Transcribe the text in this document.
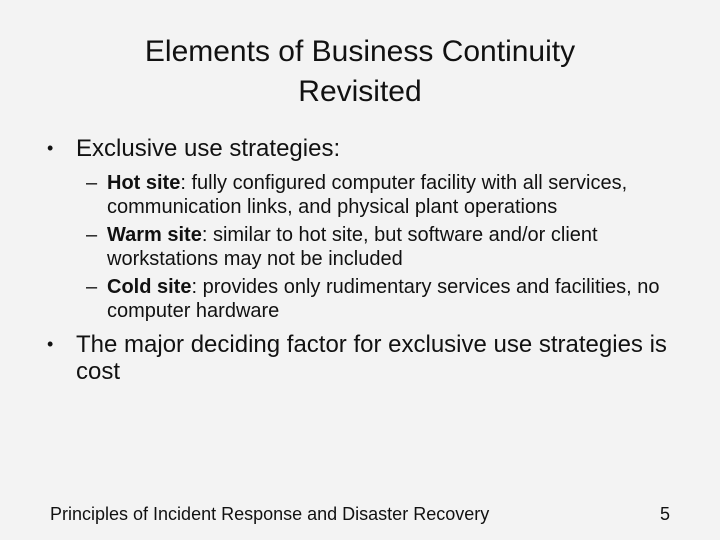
Elements of Business Continuity
Revisited
• Exclusive use strategies:
– Hot site: fully configured computer facility with all services, communication links, and physical plant operations
– Warm site: similar to hot site, but software and/or client workstations may not be included
– Cold site: provides only rudimentary services and facilities, no computer hardware
• The major deciding factor for exclusive use strategies is cost
Principles of Incident Response and Disaster Recovery	5
